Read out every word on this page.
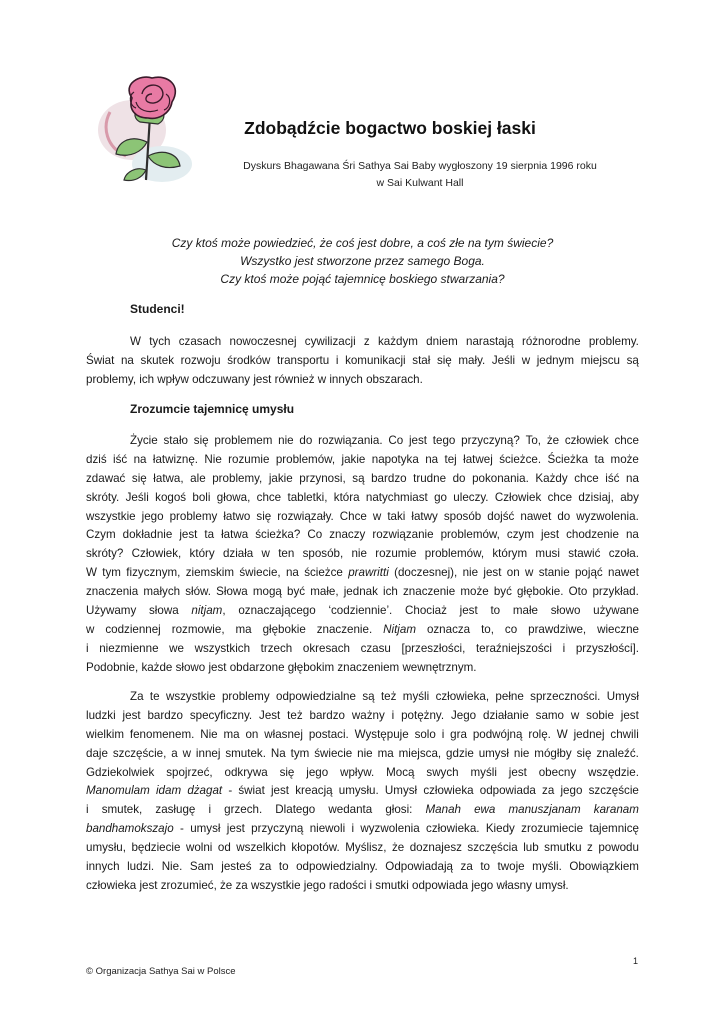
Zdobądźcie bogactwo boskiej łaski
Dyskurs Bhagawana Śri Sathya Sai Baby wygłoszony 19 sierpnia 1996 roku
w Sai Kulwant Hall
Czy ktoś może powiedzieć, że coś jest dobre, a coś złe na tym świecie?
Wszystko jest stworzone przez samego Boga.
Czy ktoś może pojąć tajemnicę boskiego stwarzania?
Studenci!
W tych czasach nowoczesnej cywilizacji z każdym dniem narastają różnorodne problemy.
Świat na skutek rozwoju środków transportu i komunikacji stał się mały. Jeśli w jednym miejscu są
problemy, ich wpływ odczuwany jest również w innych obszarach.
Zrozumcie tajemnicę umysłu
Życie stało się problemem nie do rozwiązania. Co jest tego przyczyną? To, że człowiek chce
dziś iść na łatwiznę. Nie rozumie problemów, jakie napotyka na tej łatwej ścieżce. Ścieżka ta może
zdawać się łatwa, ale problemy, jakie przynosi, są bardzo trudne do pokonania. Każdy chce iść na
skróty. Jeśli kogoś boli głowa, chce tabletki, która natychmiast go uleczy. Człowiek chce dzisiaj, aby
wszystkie jego problemy łatwo się rozwiązały. Chce w taki łatwy sposób dojść nawet do wyzwolenia.
Czym dokładnie jest ta łatwa ścieżka? Co znaczy rozwiązanie problemów, czym jest chodzenie na
skróty? Człowiek, który działa w ten sposób, nie rozumie problemów, którym musi stawić czoła.
W tym fizycznym, ziemskim świecie, na ścieżce prawritti (doczesnej), nie jest on w stanie pojąć nawet
znaczenia małych słów. Słowa mogą być małe, jednak ich znaczenie może być głębokie. Oto przykład.
Używamy słowa nitjam, oznaczającego ‘codziennie’. Chociaż jest to małe słowo używane
w codziennej rozmowie, ma głębokie znaczenie. Nitjam oznacza to, co prawdziwe, wieczne
i niezmienne we wszystkich trzech okresach czasu [przeszłości, teraźniejszości i przyszłości].
Podobnie, każde słowo jest obdarzone głębokim znaczeniem wewnętrznym.
Za te wszystkie problemy odpowiedzialne są też myśli człowieka, pełne sprzeczności. Umysł
ludzki jest bardzo specyficzny. Jest też bardzo ważny i potężny. Jego działanie samo w sobie jest
wielkim fenomenem. Nie ma on własnej postaci. Występuje solo i gra podwójną rolę. W jednej chwili
daje szczęście, a w innej smutek. Na tym świecie nie ma miejsca, gdzie umysł nie mógłby się znaleźć.
Gdziekolwiek spojrzeć, odkrywa się jego wpływ. Mocą swych myśli jest obecny wszędzie.
Manomulam idam dżagat - świat jest kreacją umysłu. Umysł człowieka odpowiada za jego szczęście
i smutek, zasługę i grzech. Dlatego wedanta głosi: Manah ewa manuszjanam karanam
bandhamokszajo - umysł jest przyczyną niewoli i wyzwolenia człowieka. Kiedy zrozumiecie tajemnicę
umysłu, będziecie wolni od wszelkich kłopotów. Myślisz, że doznajesz szczęścia lub smutku z powodu
innych ludzi. Nie. Sam jesteś za to odpowiedzialny. Odpowiadają za to twoje myśli. Obowiązkiem
człowieka jest zrozumieć, że za wszystkie jego radości i smutki odpowiada jego własny umysł.
1
© Organizacja Sathya Sai w Polsce
